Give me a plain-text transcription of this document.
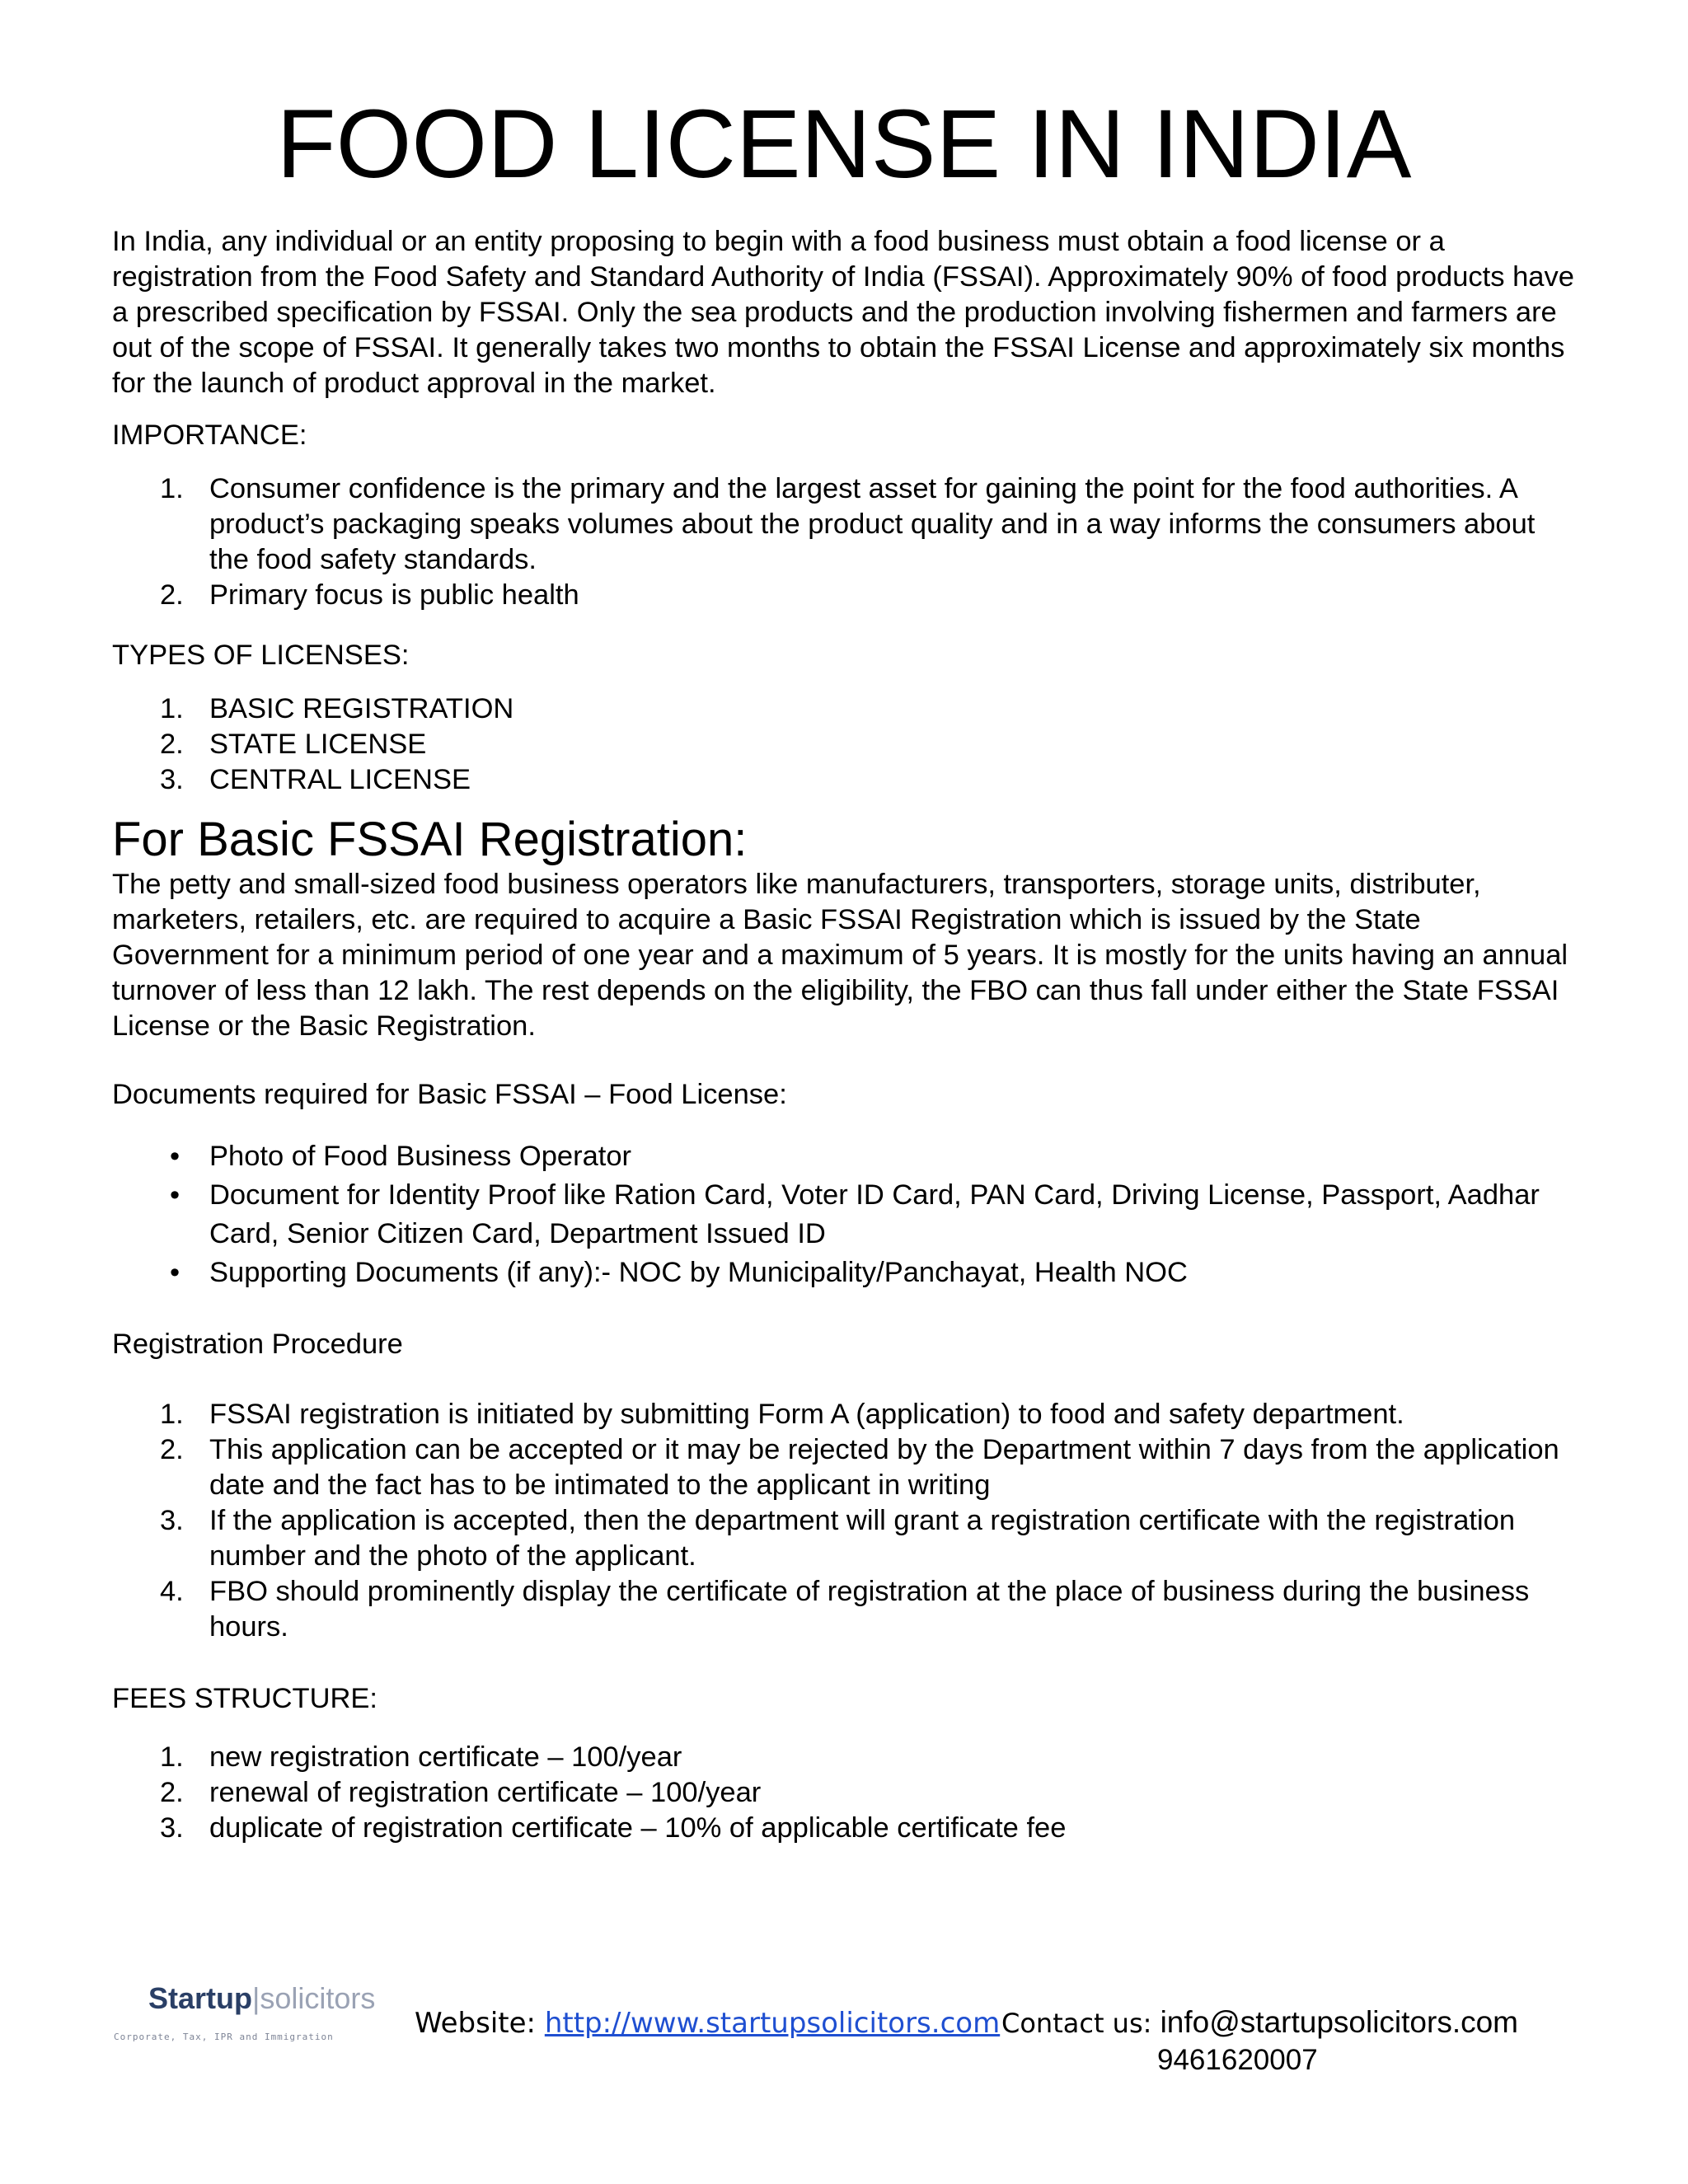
FOOD LICENSE IN INDIA

In India, any individual or an entity proposing to begin with a food business must obtain a food license or a registration from the Food Safety and Standard Authority of India (FSSAI). Approximately 90% of food products have a prescribed specification by FSSAI. Only the sea products and the production involving fishermen and farmers are out of the scope of FSSAI. It generally takes two months to obtain the FSSAI License and approximately six months for the launch of product approval in the market.

IMPORTANCE:

1. Consumer confidence is the primary and the largest asset for gaining the point for the food authorities. A product’s packaging speaks volumes about the product quality and in a way informs the consumers about the food safety standards.
2. Primary focus is public health

TYPES OF LICENSES:

1. BASIC REGISTRATION
2. STATE LICENSE
3. CENTRAL LICENSE
For Basic FSSAI Registration:

The petty and small-sized food business operators like manufacturers, transporters, storage units, distributer, marketers, retailers, etc. are required to acquire a Basic FSSAI Registration which is issued by the State Government for a minimum period of one year and a maximum of 5 years. It is mostly for the units having an annual turnover of less than 12 lakh. The rest depends on the eligibility, the FBO can thus fall under either the State FSSAI License or the Basic Registration.

Documents required for Basic FSSAI – Food License:

• Photo of Food Business Operator
• Document for Identity Proof like Ration Card, Voter ID Card, PAN Card, Driving License, Passport, Aadhar Card, Senior Citizen Card, Department Issued ID
• Supporting Documents (if any):- NOC by Municipality/Panchayat, Health NOC

Registration Procedure

1. FSSAI registration is initiated by submitting Form A (application) to food and safety department.
2. This application can be accepted or it may be rejected by the Department within 7 days from the application date and the fact has to be intimated to the applicant in writing
3. If the application is accepted, then the department will grant a registration certificate with the registration number and the photo of the applicant.
4. FBO should prominently display the certificate of registration at the place of business during the business hours.

FEES STRUCTURE:

1. new registration certificate – 100/year
2. renewal of registration certificate – 100/year
3. duplicate of registration certificate – 10% of applicable certificate fee
Startup|solicitors
Corporate, Tax, IPR and Immigration	Website: http://www.startupsolicitors.com Contact us: info@startupsolicitors.com
9461620007
